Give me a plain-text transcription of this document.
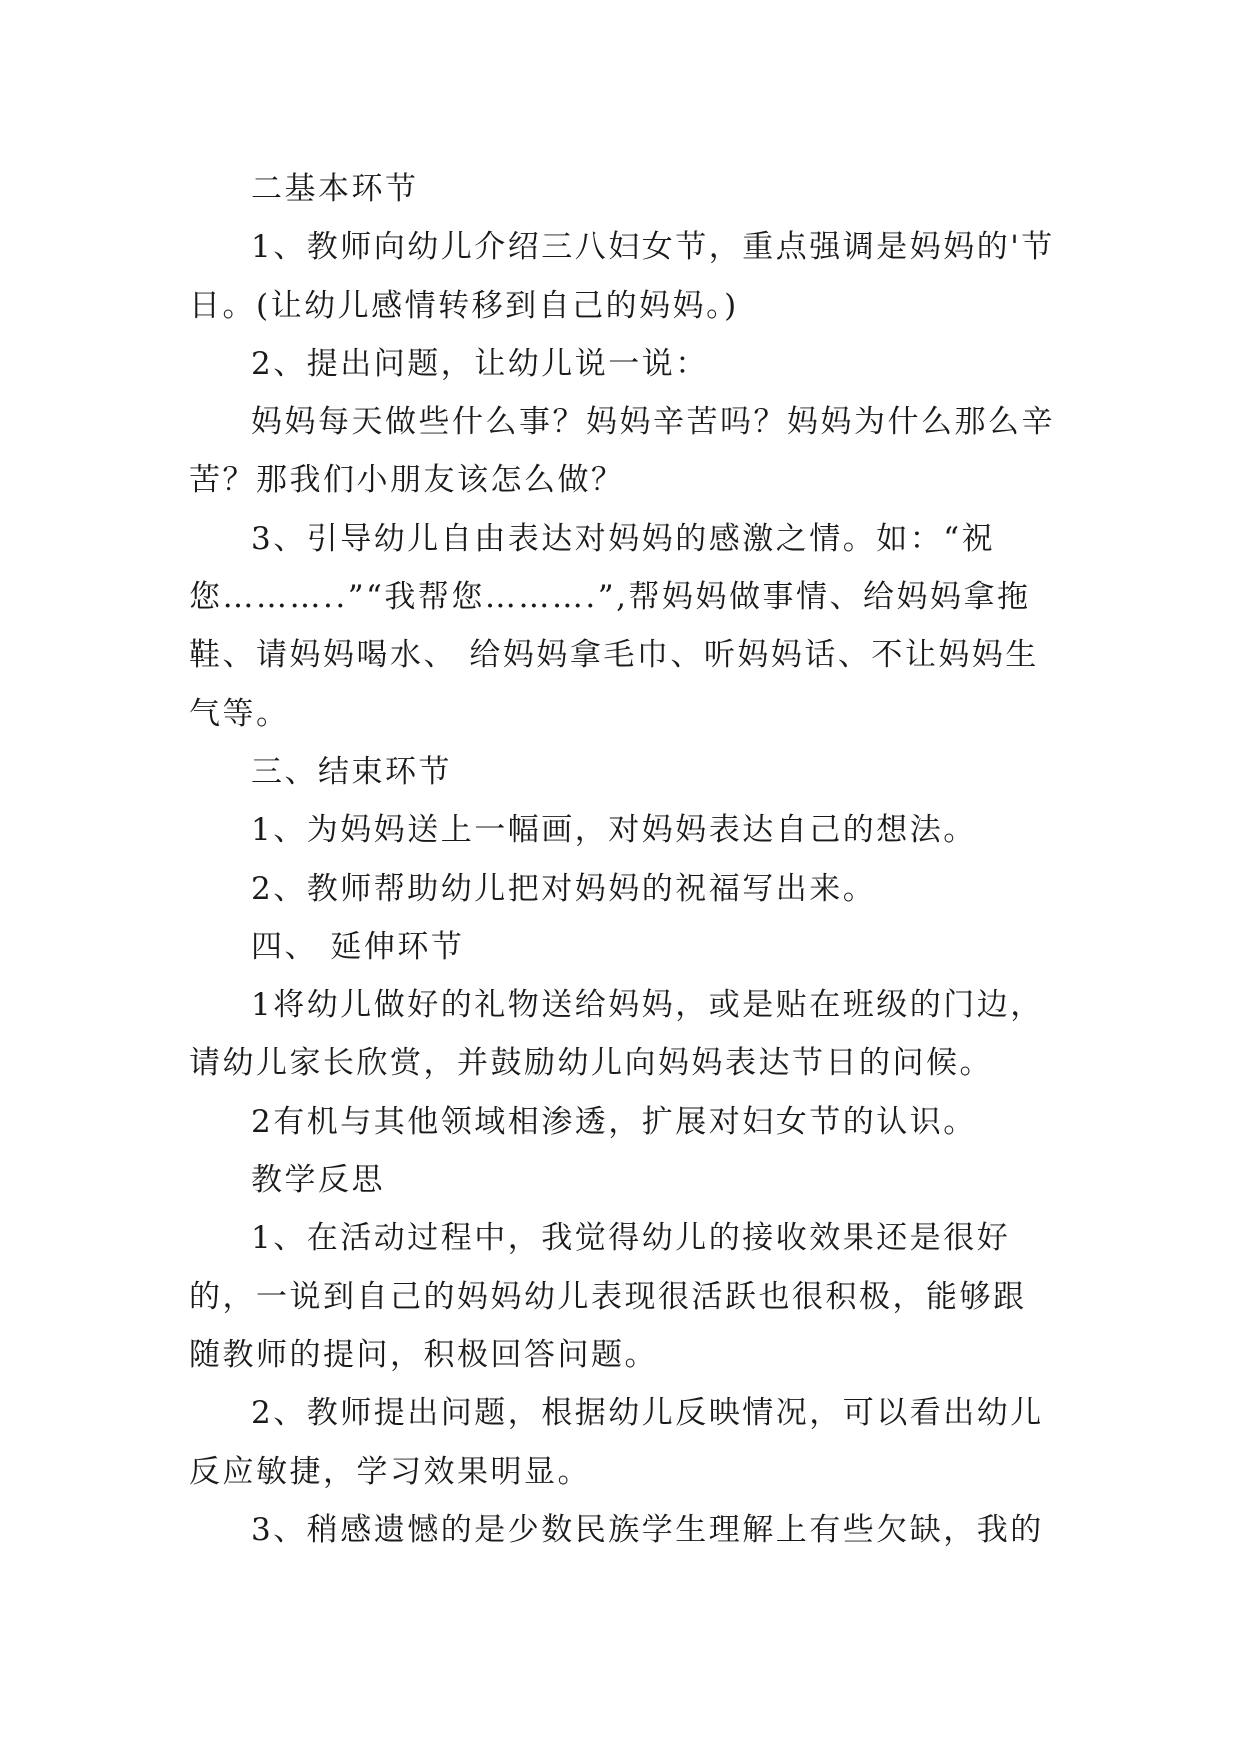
二基本环节

1、教师向幼儿介绍三八妇女节，重点强调是妈妈的'节日。(让幼儿感情转移到自己的妈妈。)

2、提出问题，让幼儿说一说：

妈妈每天做些什么事？妈妈辛苦吗？妈妈为什么那么辛苦？那我们小朋友该怎么做？

3、引导幼儿自由表达对妈妈的感激之情。如：“祝您………..”“我帮您……….”,帮妈妈做事情、给妈妈拿拖鞋、请妈妈喝水、 给妈妈拿毛巾、听妈妈话、不让妈妈生气等。

三、结束环节

1、为妈妈送上一幅画，对妈妈表达自己的想法。

2、教师帮助幼儿把对妈妈的祝福写出来。

四、 延伸环节

1将幼儿做好的礼物送给妈妈，或是贴在班级的门边，请幼儿家长欣赏，并鼓励幼儿向妈妈表达节日的问候。

2有机与其他领域相渗透，扩展对妇女节的认识。

教学反思

1、在活动过程中，我觉得幼儿的接收效果还是很好的，一说到自己的妈妈幼儿表现很活跃也很积极，能够跟随教师的提问，积极回答问题。

2、教师提出问题，根据幼儿反映情况，可以看出幼儿反应敏捷，学习效果明显。

3、稍感遗憾的是少数民族学生理解上有些欠缺，我的
